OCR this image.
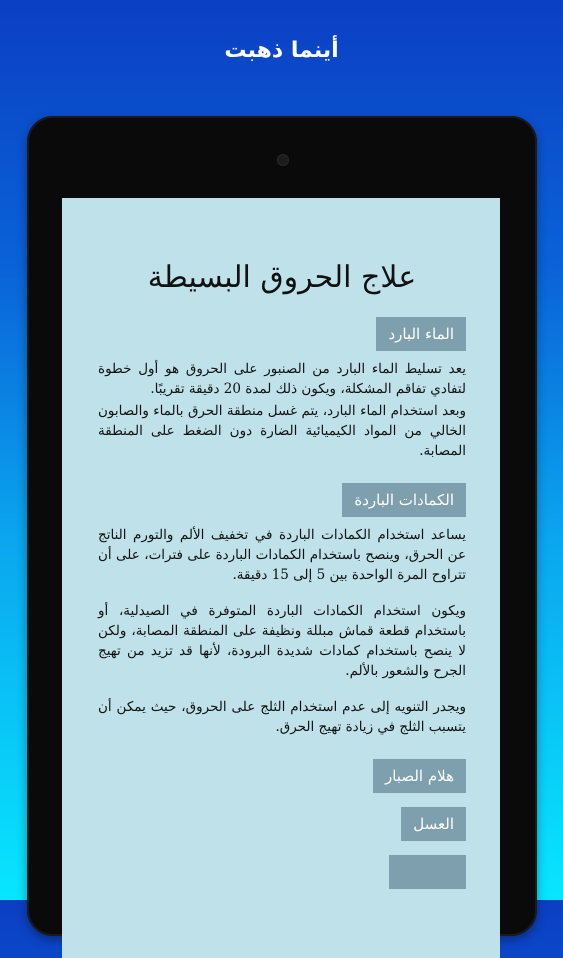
أينما ذهبت
علاج الحروق البسيطة
الماء البارد

يعد تسليط الماء البارد من الصنبور على الحروق هو أول خطوة لتفادي تفاقم المشكلة، ويكون ذلك لمدة 20 دقيقة تقريبًا.

وبعد استخدام الماء البارد، يتم غسل منطقة الحرق بالماء والصابون الخالي من المواد الكيميائية الضارة دون الضغط على المنطقة المصابة.

الكمادات الباردة

يساعد استخدام الكمادات الباردة في تخفيف الألم والتورم الناتج عن الحرق، وينصح باستخدام الكمادات الباردة على فترات، على أن تتراوح المرة الواحدة بين 5 إلى 15 دقيقة.

ويكون استخدام الكمادات الباردة المتوفرة في الصيدلية، أو باستخدام قطعة قماش مبللة ونظيفة على المنطقة المصابة، ولكن لا ينصح باستخدام كمادات شديدة البرودة، لأنها قد تزيد من تهيج الجرح والشعور بالألم.

ويجدر التنويه إلى عدم استخدام الثلج على الحروق، حيث يمكن أن يتسبب الثلج في زيادة تهيج الحرق.

هلام الصبار
العسل
